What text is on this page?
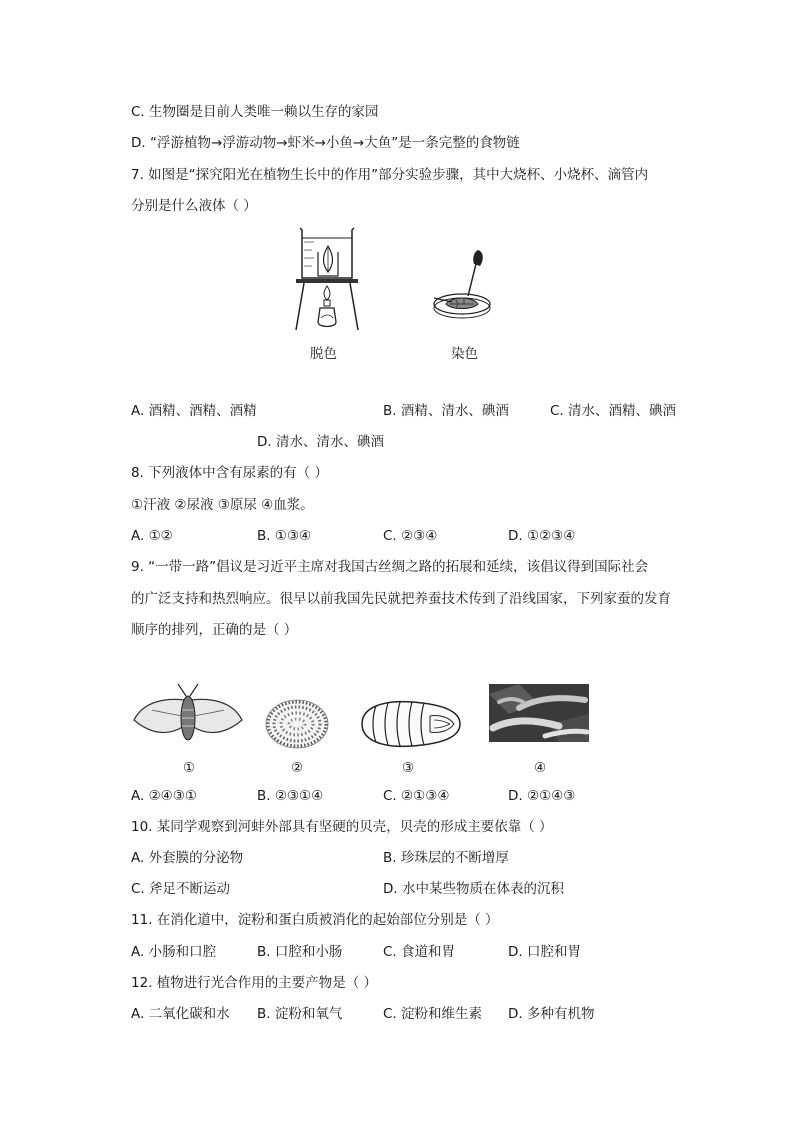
C. 生物圈是目前人类唯一赖以生存的家园
D. “浮游植物→浮游动物→虾米→小鱼→大鱼”是一条完整的食物链
7. 如图是“探究阳光在植物生长中的作用”部分实验步骤，其中大烧杯、小烧杯、滴管内
分别是什么液体（ ）
脱色	染色
A. 酒精、酒精、酒精	B. 酒精、清水、碘酒	C. 清水、酒精、碘酒
D. 清水、清水、碘酒
8. 下列液体中含有尿素的有（ ）
①汗液 ②尿液 ③原尿 ④血浆。
A. ①②	B. ①③④	C. ②③④	D. ①②③④
9. “一带一路”倡议是习近平主席对我国古丝绸之路的拓展和延续，该倡议得到国际社会
的广泛支持和热烈响应。很早以前我国先民就把养蚕技术传到了沿线国家，下列家蚕的发育
顺序的排列，正确的是（ ）
①	②	③	④
A. ②④③①	B. ②③①④	C. ②①③④	D. ②①④③
10. 某同学观察到河蚌外部具有坚硬的贝壳，贝壳的形成主要依靠（ ）
A. 外套膜的分泌物	B. 珍珠层的不断增厚
C. 斧足不断运动	D. 水中某些物质在体表的沉积
11. 在消化道中，淀粉和蛋白质被消化的起始部位分别是（ ）
A. 小肠和口腔	B. 口腔和小肠	C. 食道和胃	D. 口腔和胃
12. 植物进行光合作用的主要产物是（ ）
A. 二氧化碳和水 B. 淀粉和氧气	C. 淀粉和维生素 D. 多种有机物
